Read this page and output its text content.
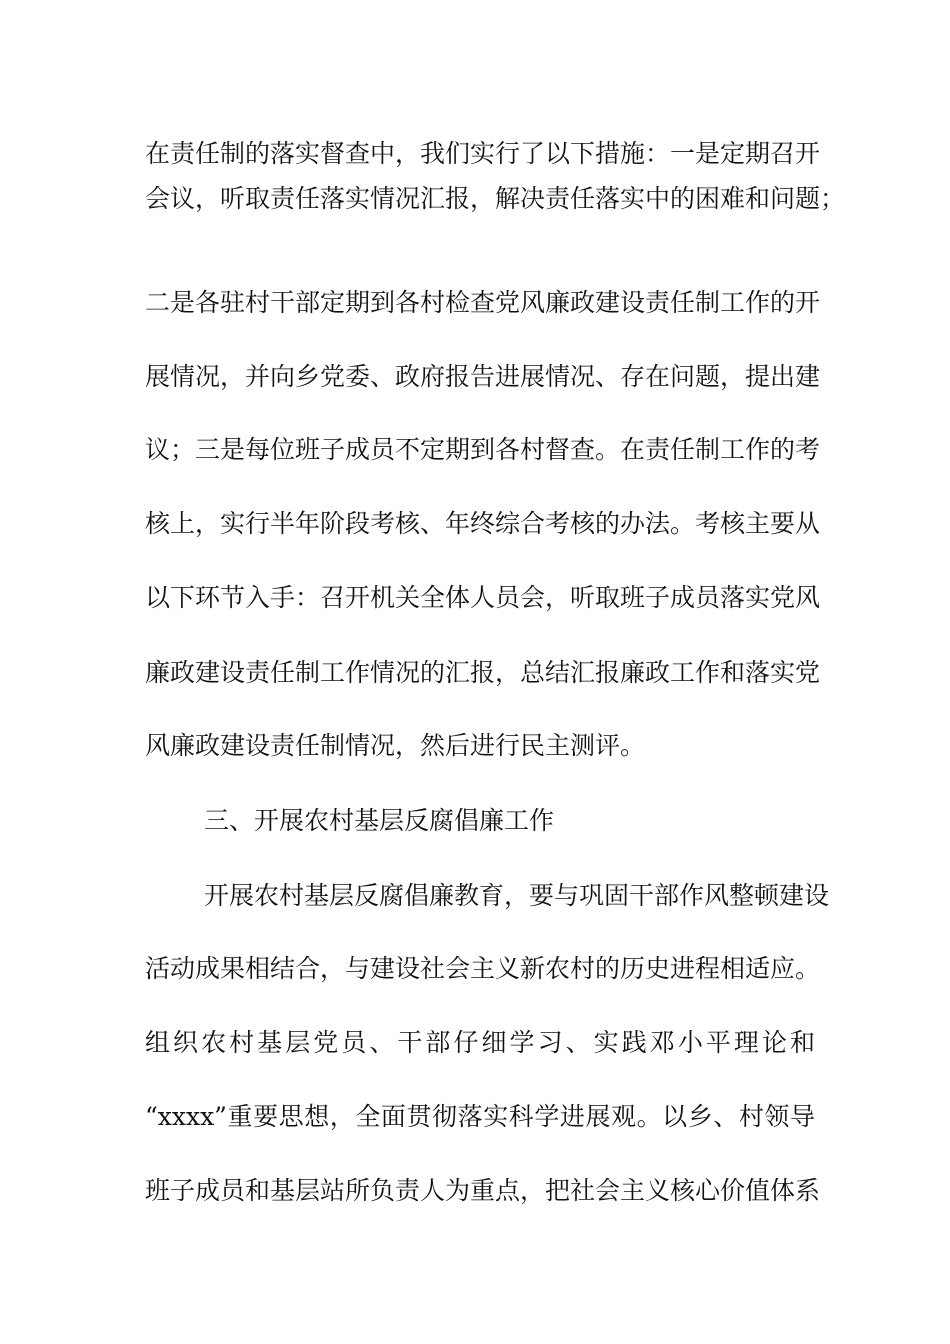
在责任制的落实督查中，我们实行了以下措施：一是定期召开
会议，听取责任落实情况汇报，解决责任落实中的困难和问题；
二是各驻村干部定期到各村检查党风廉政建设责任制工作的开
展情况，并向乡党委、政府报告进展情况、存在问题，提出建
议；三是每位班子成员不定期到各村督查。在责任制工作的考
核上，实行半年阶段考核、年终综合考核的办法。考核主要从
以下环节入手：召开机关全体人员会，听取班子成员落实党风
廉政建设责任制工作情况的汇报，总结汇报廉政工作和落实党
风廉政建设责任制情况，然后进行民主测评。
三、开展农村基层反腐倡廉工作
开展农村基层反腐倡廉教育，要与巩固干部作风整顿建设
活动成果相结合，与建设社会主义新农村的历史进程相适应。
组织农村基层党员、干部仔细学习、实践邓小平理论和
“xxxx”重要思想，全面贯彻落实科学进展观。以乡、村领导
班子成员和基层站所负责人为重点，把社会主义核心价值体系
